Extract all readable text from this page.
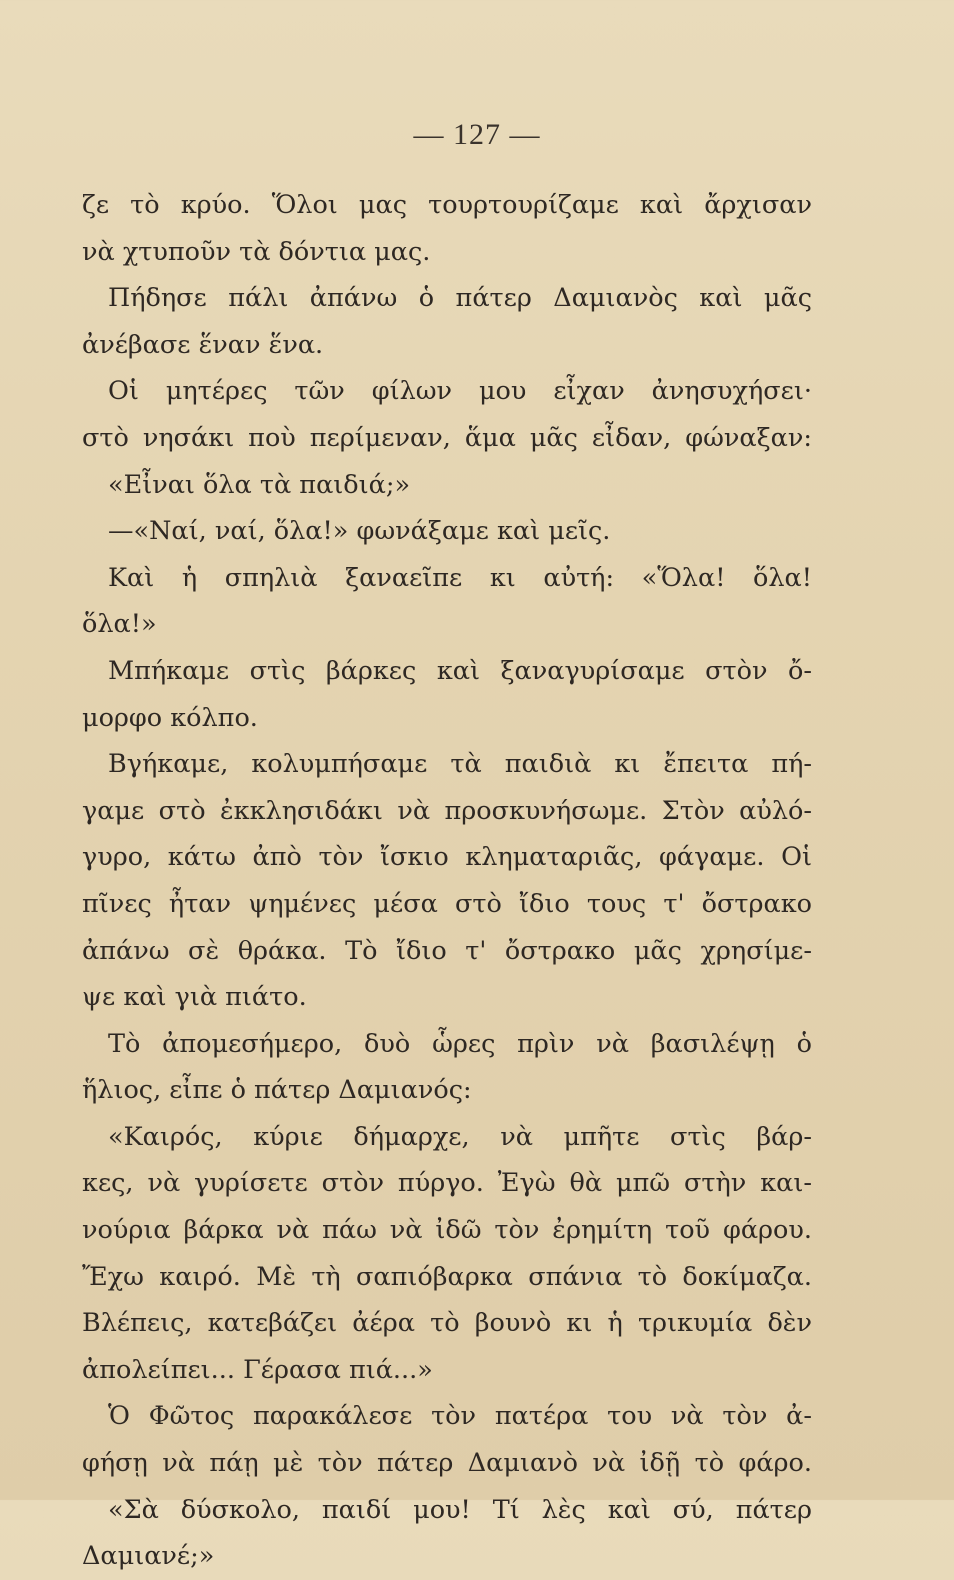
— 127 —
ζε τὸ κρύο. Ὅλοι μας τουρτουρίζαμε καὶ ἄρχισαν
νὰ χτυποῦν τὰ δόντια μας.
Πήδησε πάλι ἀπάνω ὁ πάτερ Δαμιανὸς καὶ μᾶς
ἀνέβασε ἕναν ἕνα.
Οἱ μητέρες τῶν φίλων μου εἶχαν ἀνησυχήσει·
στὸ νησάκι ποὺ περίμεναν, ἅμα μᾶς εἶδαν, φώναξαν:
«Εἶναι ὅλα τὰ παιδιά;»
—«Ναί, ναί, ὅλα!» φωνάξαμε καὶ μεῖς.
Καὶ ἡ σπηλιὰ ξαναεῖπε κι αὐτή: «Ὅλα! ὅλα!
ὅλα!»
Μπήκαμε στὶς βάρκες καὶ ξαναγυρίσαμε στὸν ὄ-
μορφο κόλπο.
Βγήκαμε, κολυμπήσαμε τὰ παιδιὰ κι ἔπειτα πή-
γαμε στὸ ἐκκλησιδάκι νὰ προσκυνήσωμε. Στὸν αὐλό-
γυρο, κάτω ἀπὸ τὸν ἴσκιο κληματαριᾶς, φάγαμε. Οἱ
πῖνες ἦταν ψημένες μέσα στὸ ἴδιο τους τ' ὄστρακο
ἀπάνω σὲ θράκα. Τὸ ἴδιο τ' ὄστρακο μᾶς χρησίμε-
ψε καὶ γιὰ πιάτο.
Τὸ ἀπομεσήμερο, δυὸ ὧρες πρὶν νὰ βασιλέψῃ ὁ
ἥλιος, εἶπε ὁ πάτερ Δαμιανός:
«Καιρός, κύριε δήμαρχε, νὰ μπῆτε στὶς βάρ-
κες, νὰ γυρίσετε στὸν πύργο. Ἐγὼ θὰ μπῶ στὴν και-
νούρια βάρκα νὰ πάω νὰ ἰδῶ τὸν ἐρημίτη τοῦ φάρου.
Ἔχω καιρό. Μὲ τὴ σαπιόβαρκα σπάνια τὸ δοκίμαζα.
Βλέπεις, κατεβάζει ἀέρα τὸ βουνὸ κι ἡ τρικυμία δὲν
ἀπολείπει... Γέρασα πιά...»
Ὁ Φῶτος παρακάλεσε τὸν πατέρα του νὰ τὸν ἀ-
φήσῃ νὰ πάῃ μὲ τὸν πάτερ Δαμιανὸ νὰ ἰδῇ τὸ φάρο.
«Σὰ δύσκολο, παιδί μου! Τί λὲς καὶ σύ, πάτερ
Δαμιανέ;»
